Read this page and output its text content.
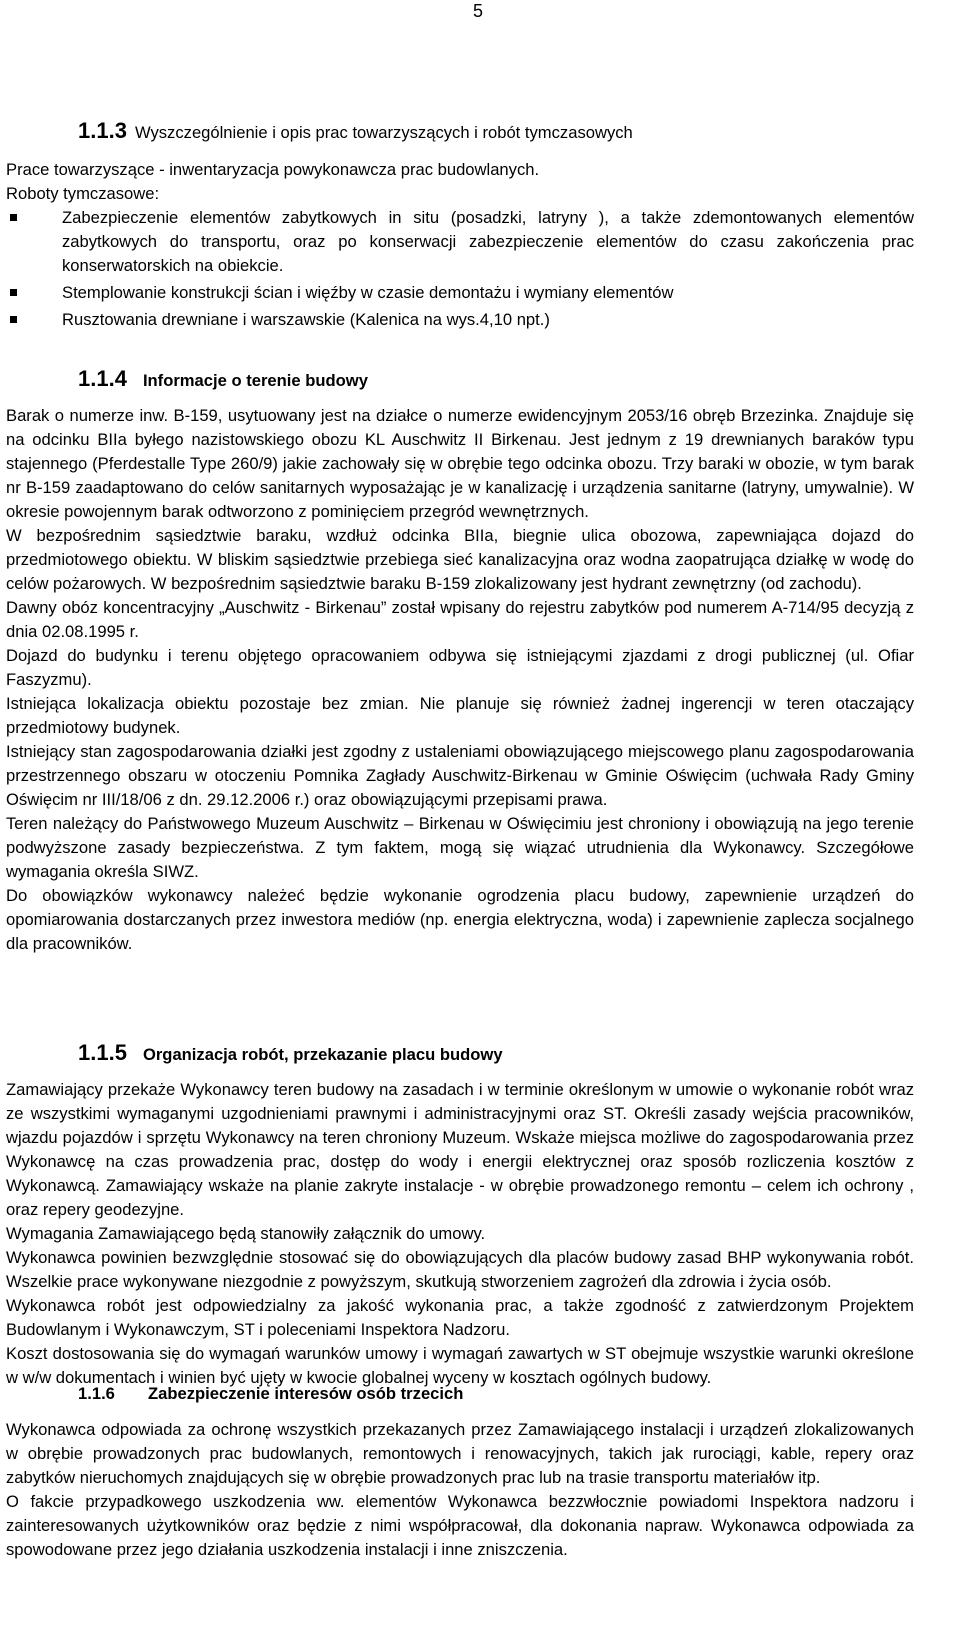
5
1.1.3 Wyszczególnienie i opis prac towarzyszących i robót tymczasowych

Prace towarzyszące - inwentaryzacja powykonawcza prac budowlanych.

Roboty tymczasowe:

Zabezpieczenie elementów zabytkowych in situ (posadzki, latryny ), a także zdemontowanych elementów zabytkowych do transportu, oraz po konserwacji zabezpieczenie elementów do czasu zakończenia prac konserwatorskich na obiekcie.
Stemplowanie konstrukcji ścian i więźby w czasie demontażu i wymiany elementów
Rusztowania drewniane i warszawskie (Kalenica na wys.4,10 npt.)
1.1.4 Informacje o terenie budowy

Barak o numerze inw. B-159, usytuowany jest na działce o numerze ewidencyjnym 2053/16 obręb Brzezinka. Znajduje się na odcinku BIIa byłego nazistowskiego obozu KL Auschwitz II Birkenau. Jest jednym z 19 drewnianych baraków typu stajennego (Pferdestalle Type 260/9) jakie zachowały się w obrębie tego odcinka obozu. Trzy baraki w obozie, w tym barak nr B-159 zaadaptowano do celów sanitarnych wyposażając je w kanalizację i urządzenia sanitarne (latryny, umywalnie). W okresie powojennym barak odtworzono z pominięciem przegród wewnętrznych.

W bezpośrednim sąsiedztwie baraku, wzdłuż odcinka BIIa, biegnie ulica obozowa, zapewniająca dojazd do przedmiotowego obiektu. W bliskim sąsiedztwie przebiega sieć kanalizacyjna oraz wodna zaopatrująca działkę w wodę do celów pożarowych. W bezpośrednim sąsiedztwie baraku B-159 zlokalizowany jest hydrant zewnętrzny (od zachodu).

Dawny obóz koncentracyjny „Auschwitz - Birkenau” został wpisany do rejestru zabytków pod numerem A-714/95 decyzją z dnia 02.08.1995 r.

Dojazd do budynku i terenu objętego opracowaniem odbywa się istniejącymi zjazdami z drogi publicznej (ul. Ofiar Faszyzmu).

Istniejąca lokalizacja obiektu pozostaje bez zmian. Nie planuje się również żadnej ingerencji w teren otaczający przedmiotowy budynek.

Istniejący stan zagospodarowania działki jest zgodny z ustaleniami obowiązującego miejscowego planu zagospodarowania przestrzennego obszaru w otoczeniu Pomnika Zagłady Auschwitz-Birkenau w Gminie Oświęcim (uchwała Rady Gminy Oświęcim nr III/18/06 z dn. 29.12.2006 r.) oraz obowiązującymi przepisami prawa.

Teren należący do Państwowego Muzeum Auschwitz – Birkenau w Oświęcimiu jest chroniony i obowiązują na jego terenie podwyższone zasady bezpieczeństwa. Z tym faktem, mogą się wiązać utrudnienia dla Wykonawcy. Szczegółowe wymagania określa SIWZ.

Do obowiązków wykonawcy należeć będzie wykonanie ogrodzenia placu budowy, zapewnienie urządzeń do opomiarowania dostarczanych przez inwestora mediów (np. energia elektryczna, woda) i zapewnienie zaplecza socjalnego dla pracowników.

1.1.5 Organizacja robót, przekazanie placu budowy

Zamawiający przekaże Wykonawcy teren budowy na zasadach i w terminie określonym w umowie o wykonanie robót wraz ze wszystkimi wymaganymi uzgodnieniami prawnymi i administracyjnymi oraz ST. Określi zasady wejścia pracowników, wjazdu pojazdów i sprzętu Wykonawcy na teren chroniony Muzeum. Wskaże miejsca możliwe do zagospodarowania przez Wykonawcę na czas prowadzenia prac, dostęp do wody i energii elektrycznej oraz sposób rozliczenia kosztów z Wykonawcą. Zamawiający wskaże na planie zakryte instalacje - w obrębie prowadzonego remontu – celem ich ochrony , oraz repery geodezyjne.

Wymagania Zamawiającego będą stanowiły załącznik do umowy.

Wykonawca powinien bezwzględnie stosować się do obowiązujących dla placów budowy zasad BHP wykonywania robót. Wszelkie prace wykonywane niezgodnie z powyższym, skutkują stworzeniem zagrożeń dla zdrowia i życia osób.

Wykonawca robót jest odpowiedzialny za jakość wykonania prac, a także zgodność z zatwierdzonym Projektem Budowlanym i Wykonawczym, ST i poleceniami Inspektora Nadzoru.

Koszt dostosowania się do wymagań warunków umowy i wymagań zawartych w ST obejmuje wszystkie warunki określone w w/w dokumentach i winien być ujęty w kwocie globalnej wyceny w kosztach ogólnych budowy.

1.1.6	Zabezpieczenie interesów osób trzecich

Wykonawca odpowiada za ochronę wszystkich przekazanych przez Zamawiającego instalacji i urządzeń zlokalizowanych w obrębie prowadzonych prac budowlanych, remontowych i renowacyjnych, takich jak rurociągi, kable, repery oraz zabytków nieruchomych znajdujących się w obrębie prowadzonych prac lub na trasie transportu materiałów itp.

O fakcie przypadkowego uszkodzenia ww. elementów Wykonawca bezzwłocznie powiadomi Inspektora nadzoru i zainteresowanych użytkowników oraz będzie z nimi współpracował, dla dokonania napraw. Wykonawca odpowiada za spowodowane przez jego działania uszkodzenia instalacji i inne zniszczenia.
